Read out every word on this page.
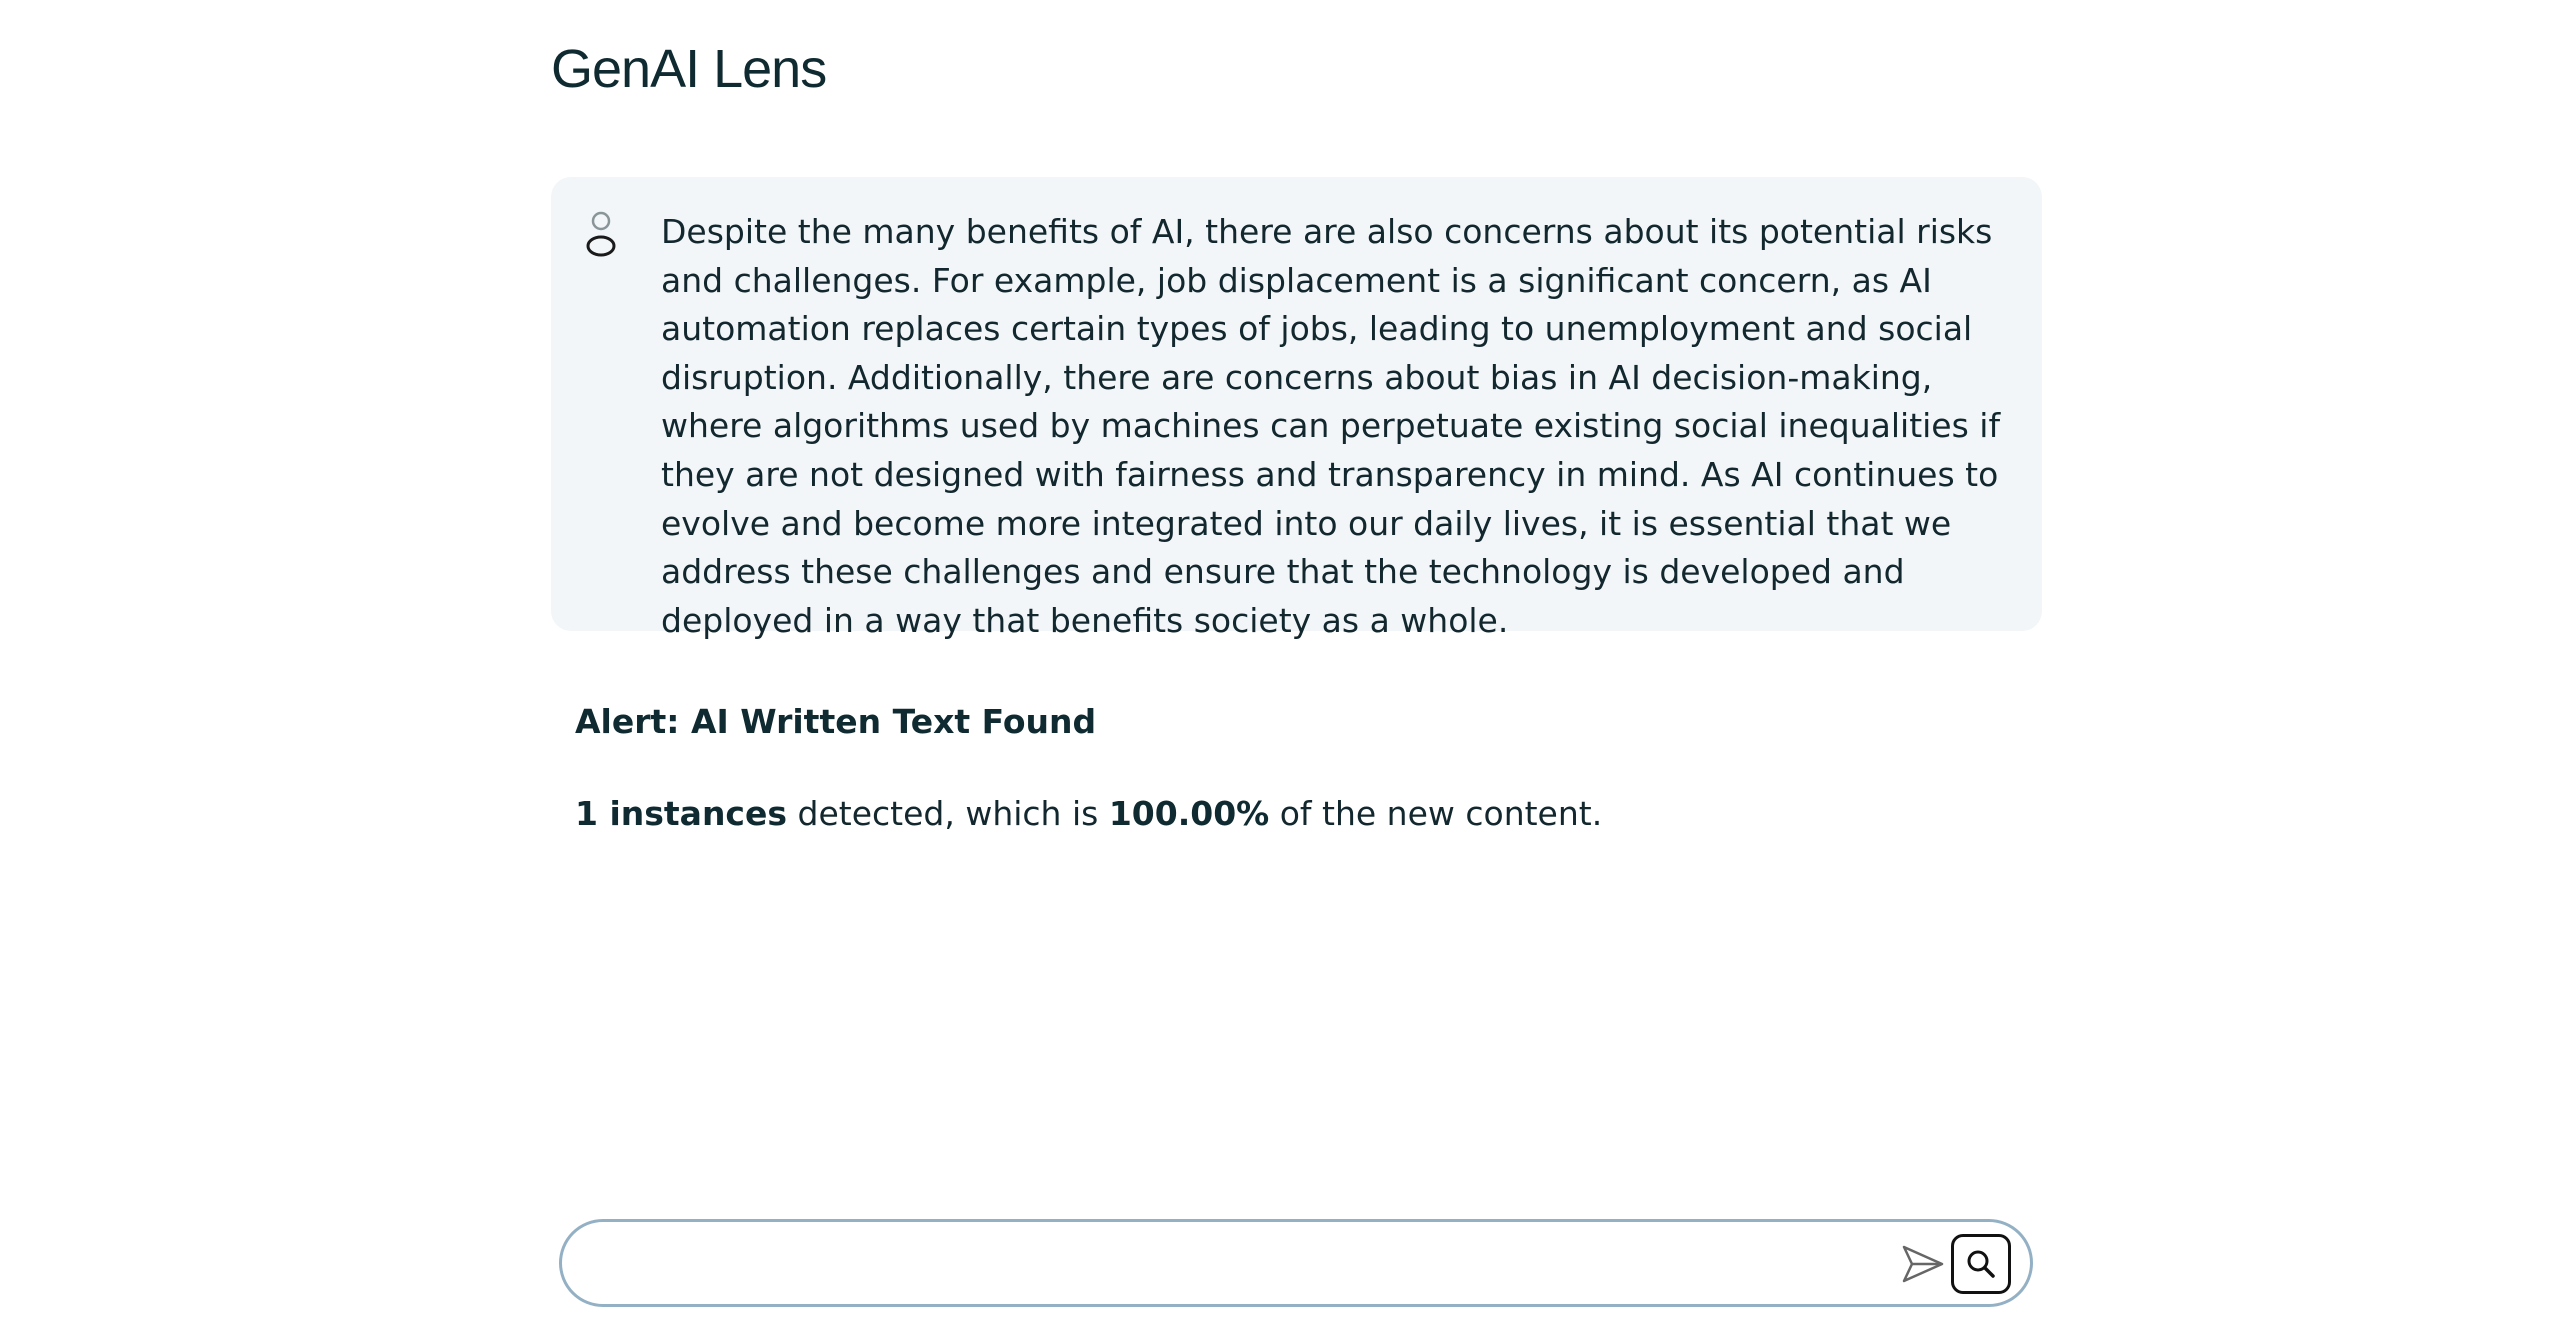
GenAI Lens

Despite the many benefits of AI, there are also concerns about its potential risks and challenges. For example, job displacement is a significant concern, as AI automation replaces certain types of jobs, leading to unemployment and social disruption. Additionally, there are concerns about bias in AI decision-making, where algorithms used by machines can perpetuate existing social inequalities if they are not designed with fairness and transparency in mind. As AI continues to evolve and become more integrated into our daily lives, it is essential that we address these challenges and ensure that the technology is developed and deployed in a way that benefits society as a whole.

Alert: AI Written Text Found

1 instances detected, which is 100.00% of the new content.
